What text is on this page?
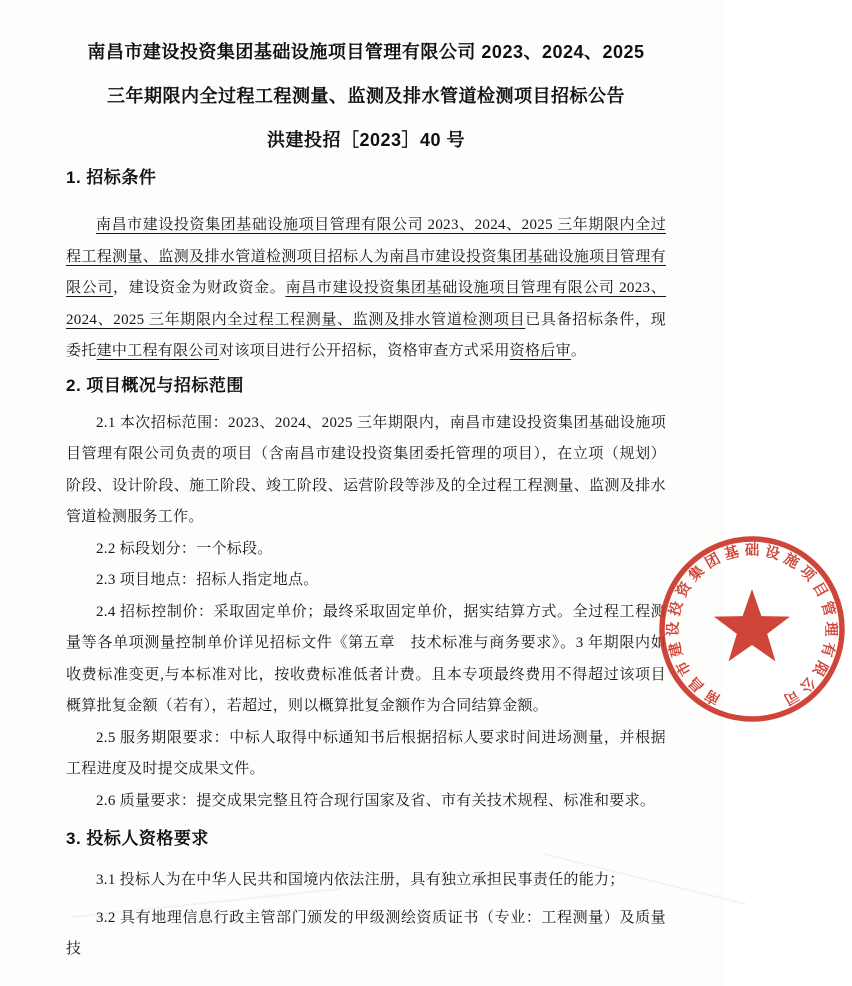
南昌市建设投资集团基础设施项目管理有限公司 2023、2024、2025
三年期限内全过程工程测量、监测及排水管道检测项目招标公告
洪建投招［2023］40 号
1. 招标条件

南昌市建设投资集团基础设施项目管理有限公司 2023、2024、2025 三年期限内全过程工程测量、监测及排水管道检测项目招标人为南昌市建设投资集团基础设施项目管理有限公司，建设资金为财政资金。南昌市建设投资集团基础设施项目管理有限公司 2023、2024、2025 三年期限内全过程工程测量、监测及排水管道检测项目已具备招标条件，现委托建中工程有限公司对该项目进行公开招标，资格审查方式采用资格后审。

2. 项目概况与招标范围

2.1 本次招标范围：2023、2024、2025 三年期限内，南昌市建设投资集团基础设施项目管理有限公司负责的项目（含南昌市建设投资集团委托管理的项目），在立项（规划）阶段、设计阶段、施工阶段、竣工阶段、运营阶段等涉及的全过程工程测量、监测及排水管道检测服务工作。

2.2 标段划分：一个标段。

2.3 项目地点：招标人指定地点。

2.4 招标控制价：采取固定单价；最终采取固定单价，据实结算方式。全过程工程测量等各单项测量控制单价详见招标文件《第五章　技术标准与商务要求》。3 年期限内如收费标准变更,与本标准对比，按收费标准低者计费。且本专项最终费用不得超过该项目概算批复金额（若有），若超过，则以概算批复金额作为合同结算金额。

2.5 服务期限要求：中标人取得中标通知书后根据招标人要求时间进场测量，并根据工程进度及时提交成果文件。

2.6 质量要求：提交成果完整且符合现行国家及省、市有关技术规程、标准和要求。

3. 投标人资格要求

3.1 投标人为在中华人民共和国境内依法注册，具有独立承担民事责任的能力；

3.2 具有地理信息行政主管部门颁发的甲级测绘资质证书（专业：工程测量）及质量技

南
昌
市
建
设
投
资
集
团 基 础 设 施
项
目
管
理
有
限
公
司
